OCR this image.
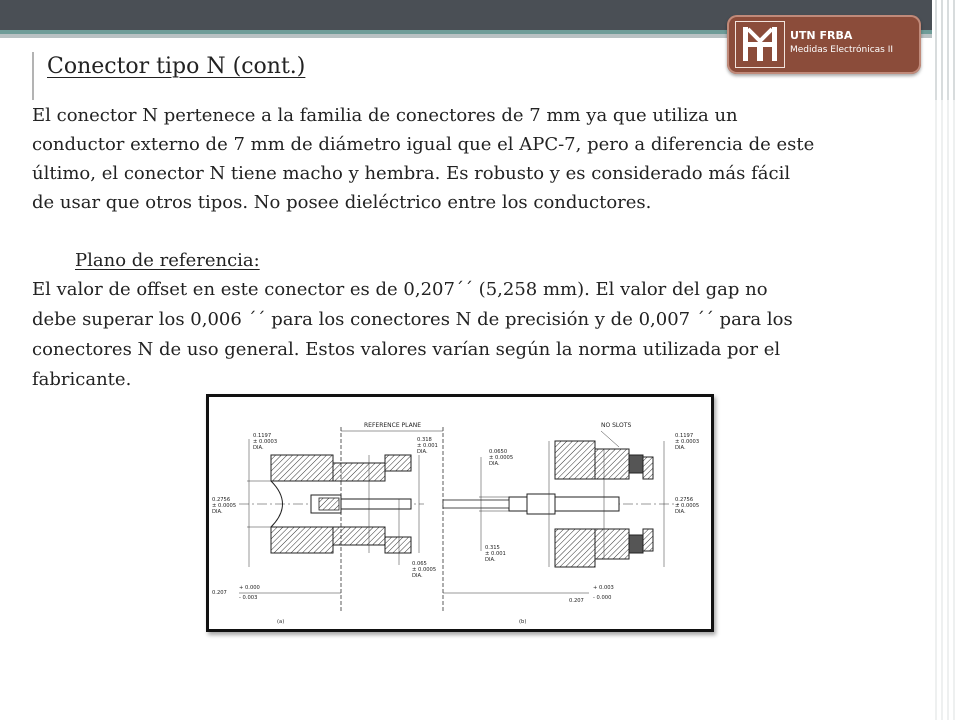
UTN FRBA
Medidas Electrónicas II
Conector tipo N (cont.)
El conector N pertenece a la familia de conectores de 7 mm ya que utiliza un
conductor externo de 7 mm de diámetro igual que el APC-7, pero a diferencia de este
último, el conector N tiene macho y hembra. Es robusto y es considerado más fácil
de usar que otros tipos. No posee dieléctrico entre los conductores.
Plano de referencia:
El valor de offset en este conector es de 0,207´´ (5,258 mm). El valor del gap no
debe superar los 0,006 ´´ para los conectores N de precisión y de 0,007 ´´ para los
conectores N de uso general. Estos valores varían según la norma utilizada por el
fabricante.
REFERENCE PLANE
0.1197
± 0.0003
DIA.
0.2756
± 0.0005
DIA.
0.318
± 0.001
DIA.
0.065
± 0.0005
DIA.
0.207
+ 0.000
- 0.003
(a)
0.0650
± 0.0005
DIA.
0.315
± 0.001
DIA.
0.1197
± 0.0003
DIA.
0.2756
± 0.0005
DIA.
NO SLOTS
0.207
+ 0.003
- 0.000
(b)
